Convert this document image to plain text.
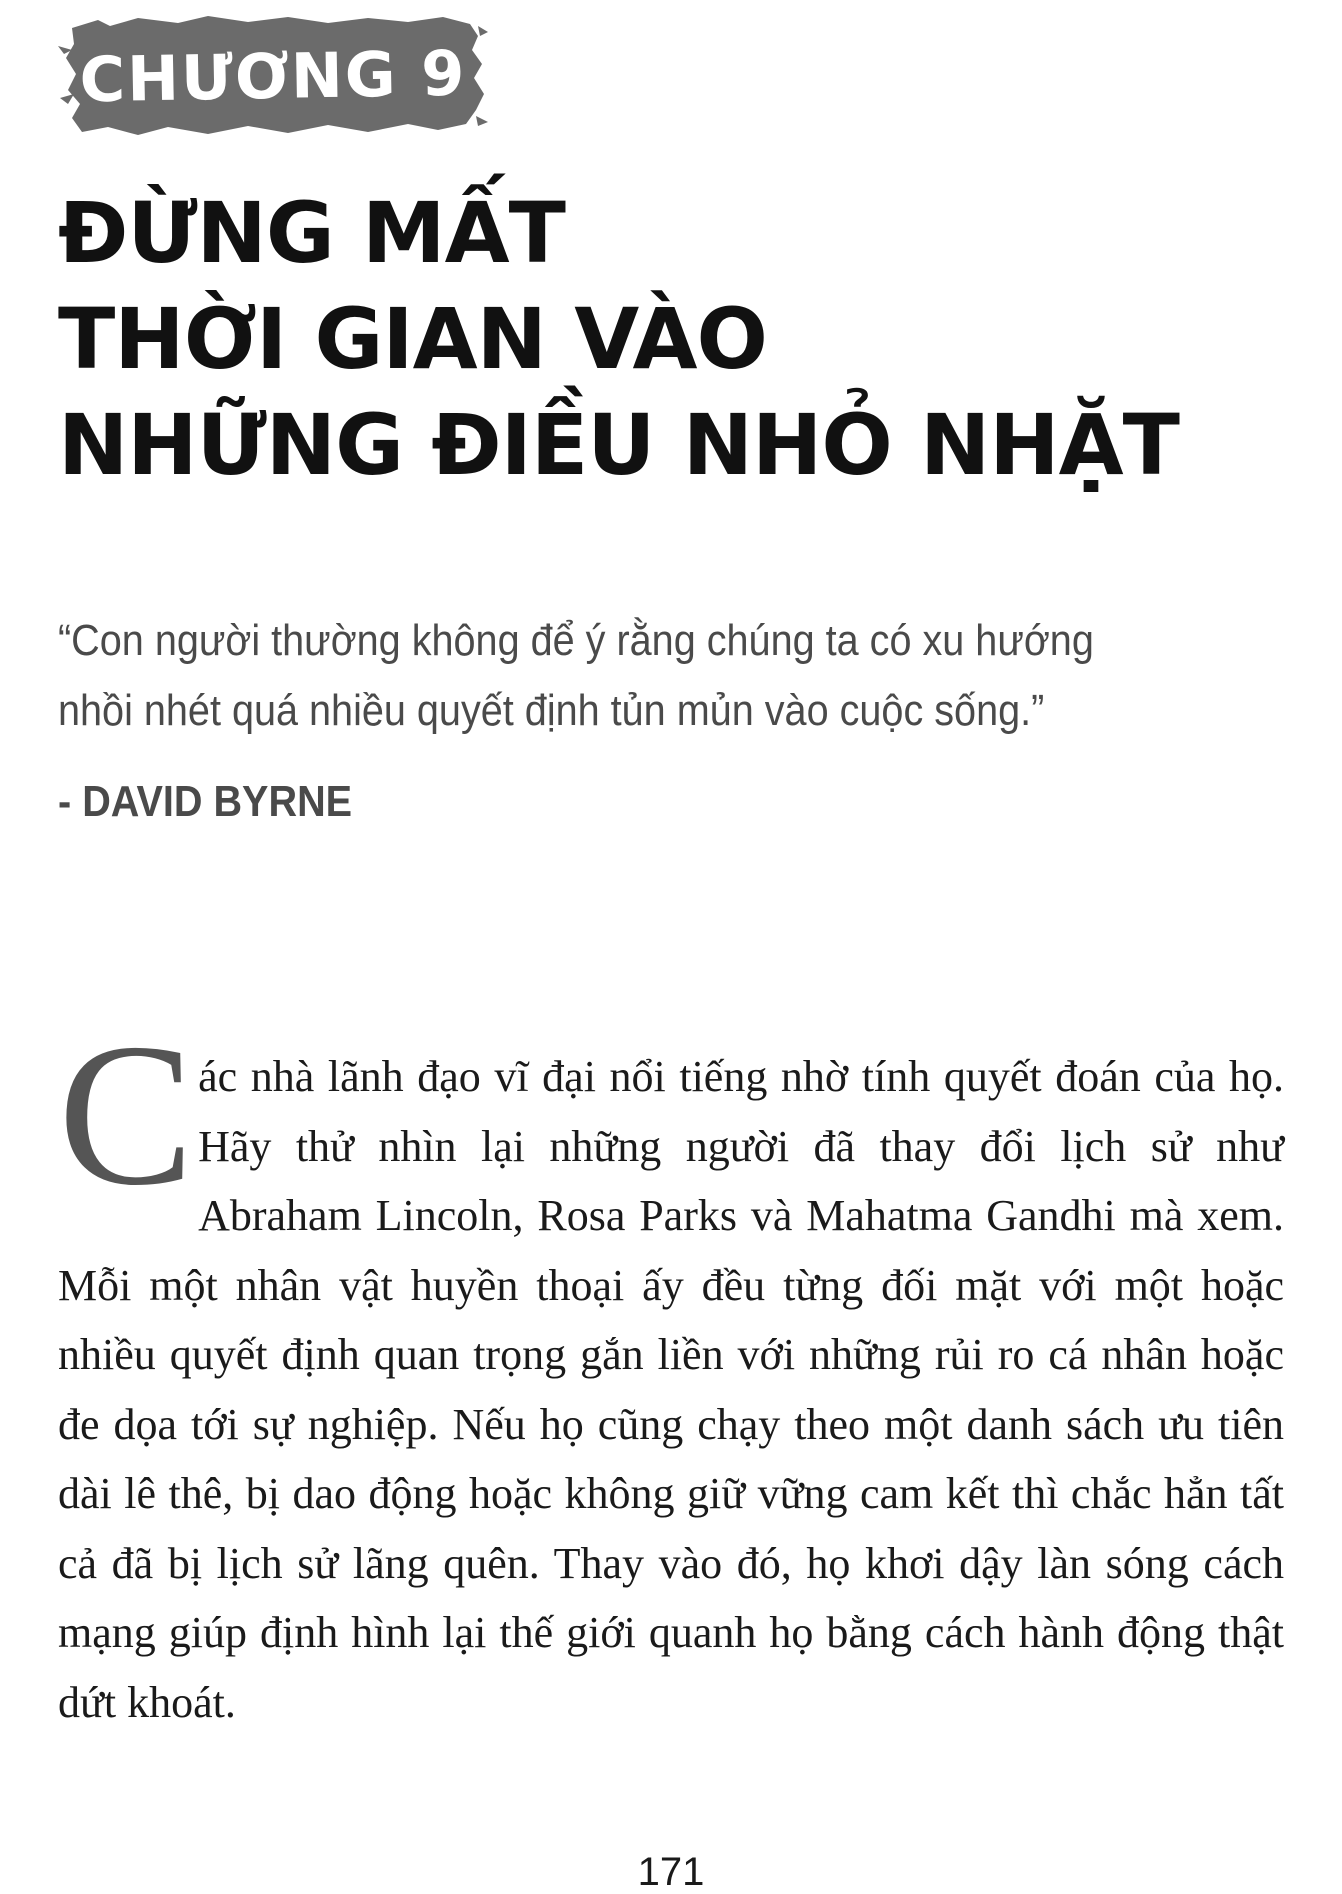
CHƯƠNG 9
ĐỪNG MẤT
THỜI GIAN VÀO
NHỮNG ĐIỀU NHỎ NHẶT

“Con người thường không để ý rằng chúng ta có xu hướng nhồi nhét quá nhiều quyết định tủn mủn vào cuộc sống.”

- DAVID BYRNE

Các nhà lãnh đạo vĩ đại nổi tiếng nhờ tính quyết đoán của họ. Hãy thử nhìn lại những người đã thay đổi lịch sử như Abraham Lincoln, Rosa Parks và Mahatma Gandhi mà xem. Mỗi một nhân vật huyền thoại ấy đều từng đối mặt với một hoặc nhiều quyết định quan trọng gắn liền với những rủi ro cá nhân hoặc đe dọa tới sự nghiệp. Nếu họ cũng chạy theo một danh sách ưu tiên dài lê thê, bị dao động hoặc không giữ vững cam kết thì chắc hẳn tất cả đã bị lịch sử lãng quên. Thay vào đó, họ khơi dậy làn sóng cách mạng giúp định hình lại thế giới quanh họ bằng cách hành động thật dứt khoát.

171
